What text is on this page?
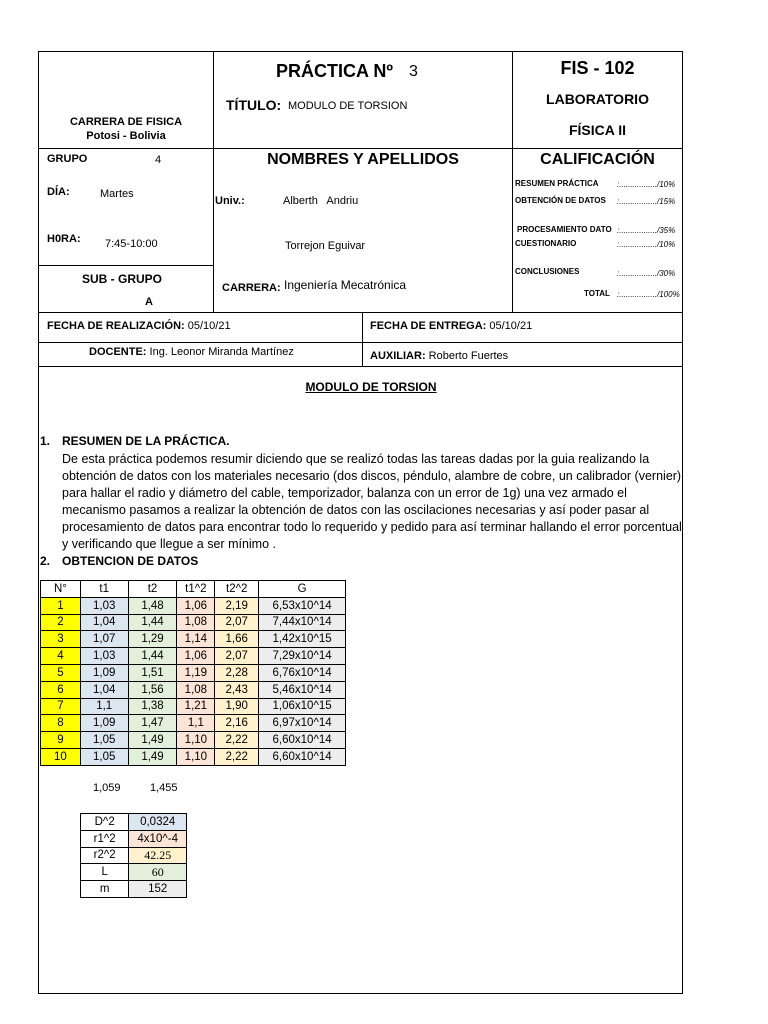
CARRERA DE FISICA
Potosi - Bolivia
PRÁCTICA Nº 3
TÍTULO: MODULO DE TORSION
FIS - 102
LABORATORIO
FÍSICA II
GRUPO	4
DÍA:	Martes
H0RA: 7:45-10:00
SUB - GRUPO
A
NOMBRES Y APELLIDOS
Univ.:	Alberth   Andriu
Torrejon Eguivar
CARRERA: Ingeniería Mecatrónica
CALIFICACIÓN
RESUMEN PRÁCTICA :................./10%
OBTENCIÓN DE DATOS :................./15%
PROCESAMIENTO DATO :................./35%
CUESTIONARIO	:................./10%
CONCLUSIONES	:................./30%
TOTAL :................./100%
FECHA DE REALIZACIÓN: 05/10/21	FECHA DE ENTREGA: 05/10/21
DOCENTE: Ing. Leonor Miranda Martínez	AUXILIAR: Roberto Fuertes
MODULO DE TORSION
1. RESUMEN DE LA PRÁCTICA.
De esta práctica podemos resumir diciendo que se realizó todas las tareas dadas por la guia realizando la obtención de datos con los materiales necesario (dos discos, péndulo, alambre de cobre, un calibrador (vernier) para hallar el radio y diámetro del cable, temporizador, balanza con un error de 1g) una vez armado el mecanismo pasamos a realizar la obtención de datos con las oscilaciones necesarias y así poder pasar al procesamiento de datos para encontrar todo lo requerido y pedido para así terminar hallando el error porcentual y verificando que llegue a ser mínimo .
2. OBTENCION DE DATOS
N°	t1	t2	t1^2	t2^2	G
1	1,03	1,48	1,06	2,19	6,53x10^14
2	1,04	1,44	1,08	2,07	7,44x10^14
3	1,07	1,29	1,14	1,66	1,42x10^15
4	1,03	1,44	1,06	2,07	7,29x10^14
5	1,09	1,51	1,19	2,28	6,76x10^14
6	1,04	1,56	1,08	2,43	5,46x10^14
7	1,1	1,38	1,21	1,90	1,06x10^15
8	1,09	1,47	1,1	2,16	6,97x10^14
9	1,05	1,49	1,10	2,22	6,60x10^14
10	1,05	1,49	1,10	2,22	6,60x10^14
1,059	1,455
D^2	0,0324
r1^2	4x10^-4
r2^2	42.25
L	60
m	152
